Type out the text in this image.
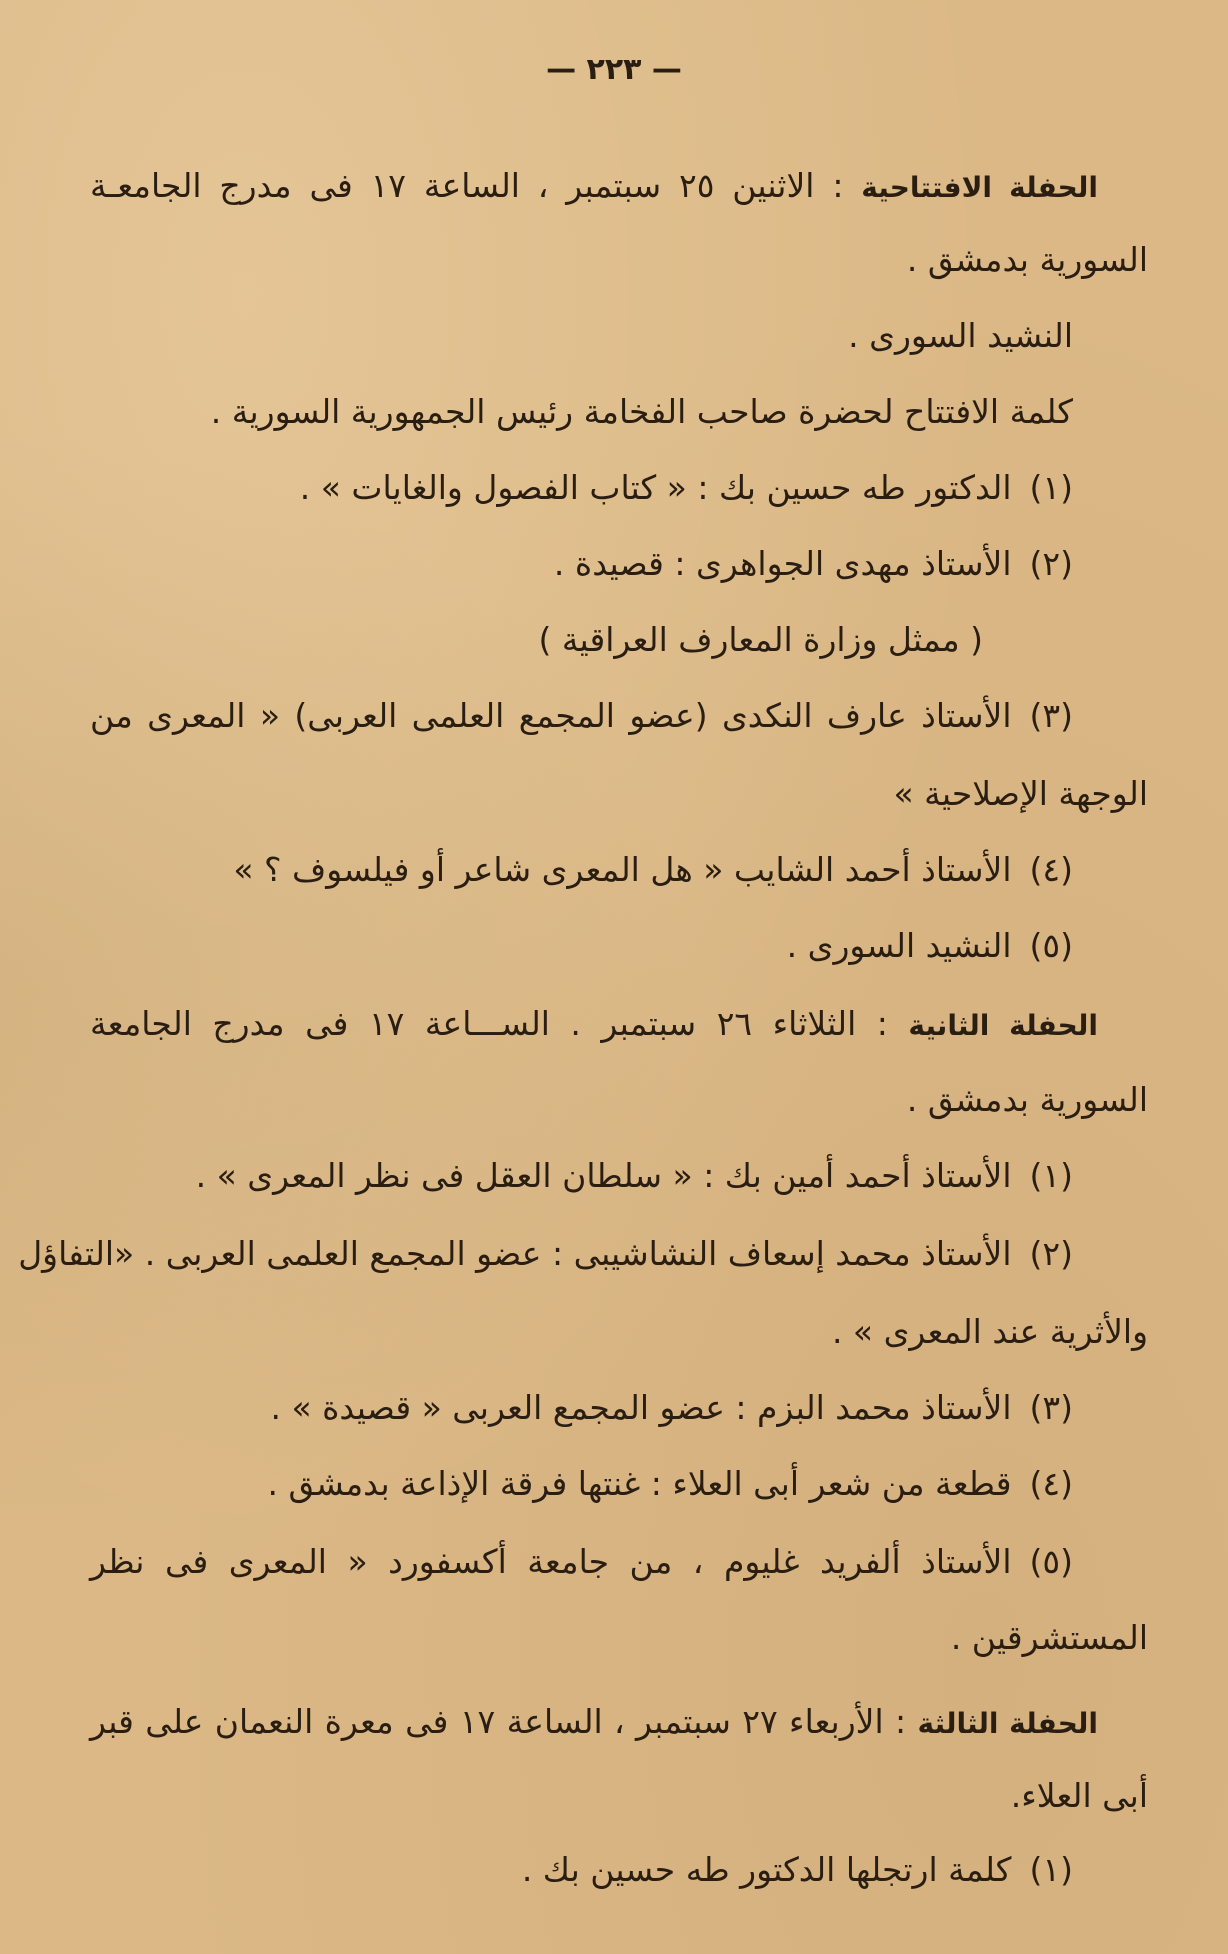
— ٢٢٣ —
الحفلة الافتتاحية : الاثنين ٢٥ سبتمبر ، الساعة ١٧ فى مدرج الجامعـة
السورية بدمشق .
النشيد السورى .
كلمة الافتتاح لحضرة صاحب الفخامة رئيس الجمهورية السورية .
(١)الدكتور طه حسين بك : « كتاب الفصول والغايات » .
(٢)الأستاذ مهدى الجواهرى : قصيدة .
( ممثل وزارة المعارف العراقية )
(٣)الأستاذ عارف النكدى (عضو المجمع العلمى العربى) « المعرى من
الوجهة الإصلاحية »
(٤)الأستاذ أحمد الشايب « هل المعرى شاعر أو فيلسوف ؟ »
(٥)النشيد السورى .
الحفلة الثانية : الثلاثاء ٢٦ سبتمبر . الســـاعة ١٧ فى مدرج الجامعة
السورية بدمشق .
(١)الأستاذ أحمد أمين بك : « سلطان العقل فى نظر المعرى » .
(٢)الأستاذ محمد إسعاف النشاشيبى : عضو المجمع العلمى العربى . «التفاؤل
والأثرية عند المعرى » .
(٣)الأستاذ محمد البزم : عضو المجمع العربى « قصيدة » .
(٤)قطعة من شعر أبى العلاء : غنتها فرقة الإذاعة بدمشق .
(٥)الأستاذ ألفريد غليوم ، من جامعة أكسفورد « المعرى فى نظر
المستشرقين .
الحفلة الثالثة : الأربعاء ٢٧ سبتمبر ، الساعة ١٧ فى معرة النعمان على قبر
أبى العلاء.
(١)كلمة ارتجلها الدكتور طه حسين بك .
